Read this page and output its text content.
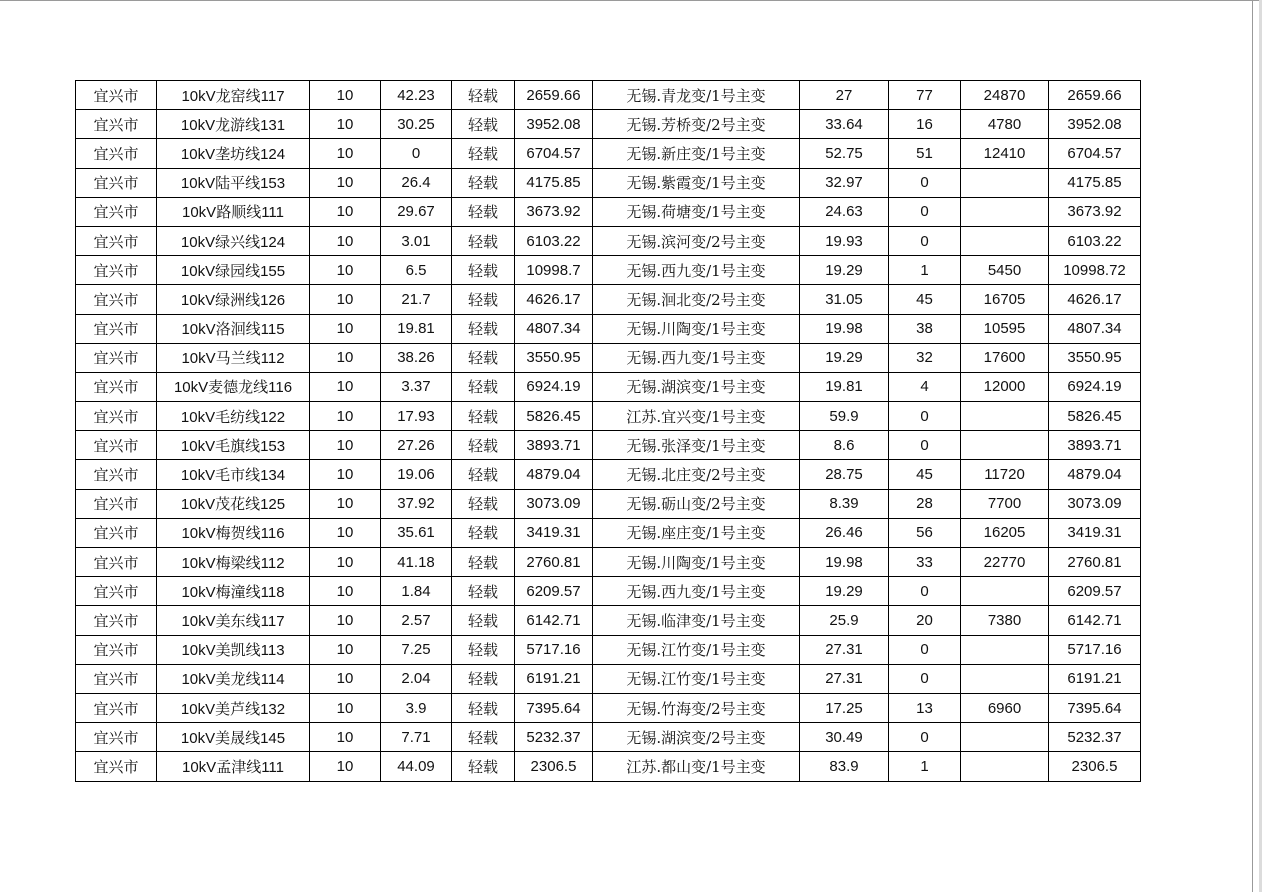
宜兴市	10kV龙窑线117	10	42.23	轻载	2659.66	无锡.青龙变/1号主变	27	77	24870	2659.66
宜兴市	10kV龙游线131	10	30.25	轻载	3952.08	无锡.芳桥变/2号主变	33.64	16	4780	3952.08
宜兴市	10kV垄坊线124	10	0	轻载	6704.57	无锡.新庄变/1号主变	52.75	51	12410	6704.57
宜兴市	10kV陆平线153	10	26.4	轻载	4175.85	无锡.紫霞变/1号主变	32.97	0		4175.85
宜兴市	10kV路顺线111	10	29.67	轻载	3673.92	无锡.荷塘变/1号主变	24.63	0		3673.92
宜兴市	10kV绿兴线124	10	3.01	轻载	6103.22	无锡.滨河变/2号主变	19.93	0		6103.22
宜兴市	10kV绿园线155	10	6.5	轻载	10998.7	无锡.西九变/1号主变	19.29	1	5450	10998.72
宜兴市	10kV绿洲线126	10	21.7	轻载	4626.17	无锡.洄北变/2号主变	31.05	45	16705	4626.17
宜兴市	10kV洛洄线115	10	19.81	轻载	4807.34	无锡.川陶变/1号主变	19.98	38	10595	4807.34
宜兴市	10kV马兰线112	10	38.26	轻载	3550.95	无锡.西九变/1号主变	19.29	32	17600	3550.95
宜兴市	10kV麦德龙线116	10	3.37	轻载	6924.19	无锡.湖滨变/1号主变	19.81	4	12000	6924.19
宜兴市	10kV毛纺线122	10	17.93	轻载	5826.45	江苏.宜兴变/1号主变	59.9	0		5826.45
宜兴市	10kV毛旗线153	10	27.26	轻载	3893.71	无锡.张泽变/1号主变	8.6	0		3893.71
宜兴市	10kV毛市线134	10	19.06	轻载	4879.04	无锡.北庄变/2号主变	28.75	45	11720	4879.04
宜兴市	10kV茂花线125	10	37.92	轻载	3073.09	无锡.砺山变/2号主变	8.39	28	7700	3073.09
宜兴市	10kV梅贺线116	10	35.61	轻载	3419.31	无锡.座庄变/1号主变	26.46	56	16205	3419.31
宜兴市	10kV梅梁线112	10	41.18	轻载	2760.81	无锡.川陶变/1号主变	19.98	33	22770	2760.81
宜兴市	10kV梅潼线118	10	1.84	轻载	6209.57	无锡.西九变/1号主变	19.29	0		6209.57
宜兴市	10kV美东线117	10	2.57	轻载	6142.71	无锡.临津变/1号主变	25.9	20	7380	6142.71
宜兴市	10kV美凯线113	10	7.25	轻载	5717.16	无锡.江竹变/1号主变	27.31	0		5717.16
宜兴市	10kV美龙线114	10	2.04	轻载	6191.21	无锡.江竹变/1号主变	27.31	0		6191.21
宜兴市	10kV美芦线132	10	3.9	轻载	7395.64	无锡.竹海变/2号主变	17.25	13	6960	7395.64
宜兴市	10kV美晟线145	10	7.71	轻载	5232.37	无锡.湖滨变/2号主变	30.49	0		5232.37
宜兴市	10kV孟津线111	10	44.09	轻载	2306.5	江苏.都山变/1号主变	83.9	1		2306.5
